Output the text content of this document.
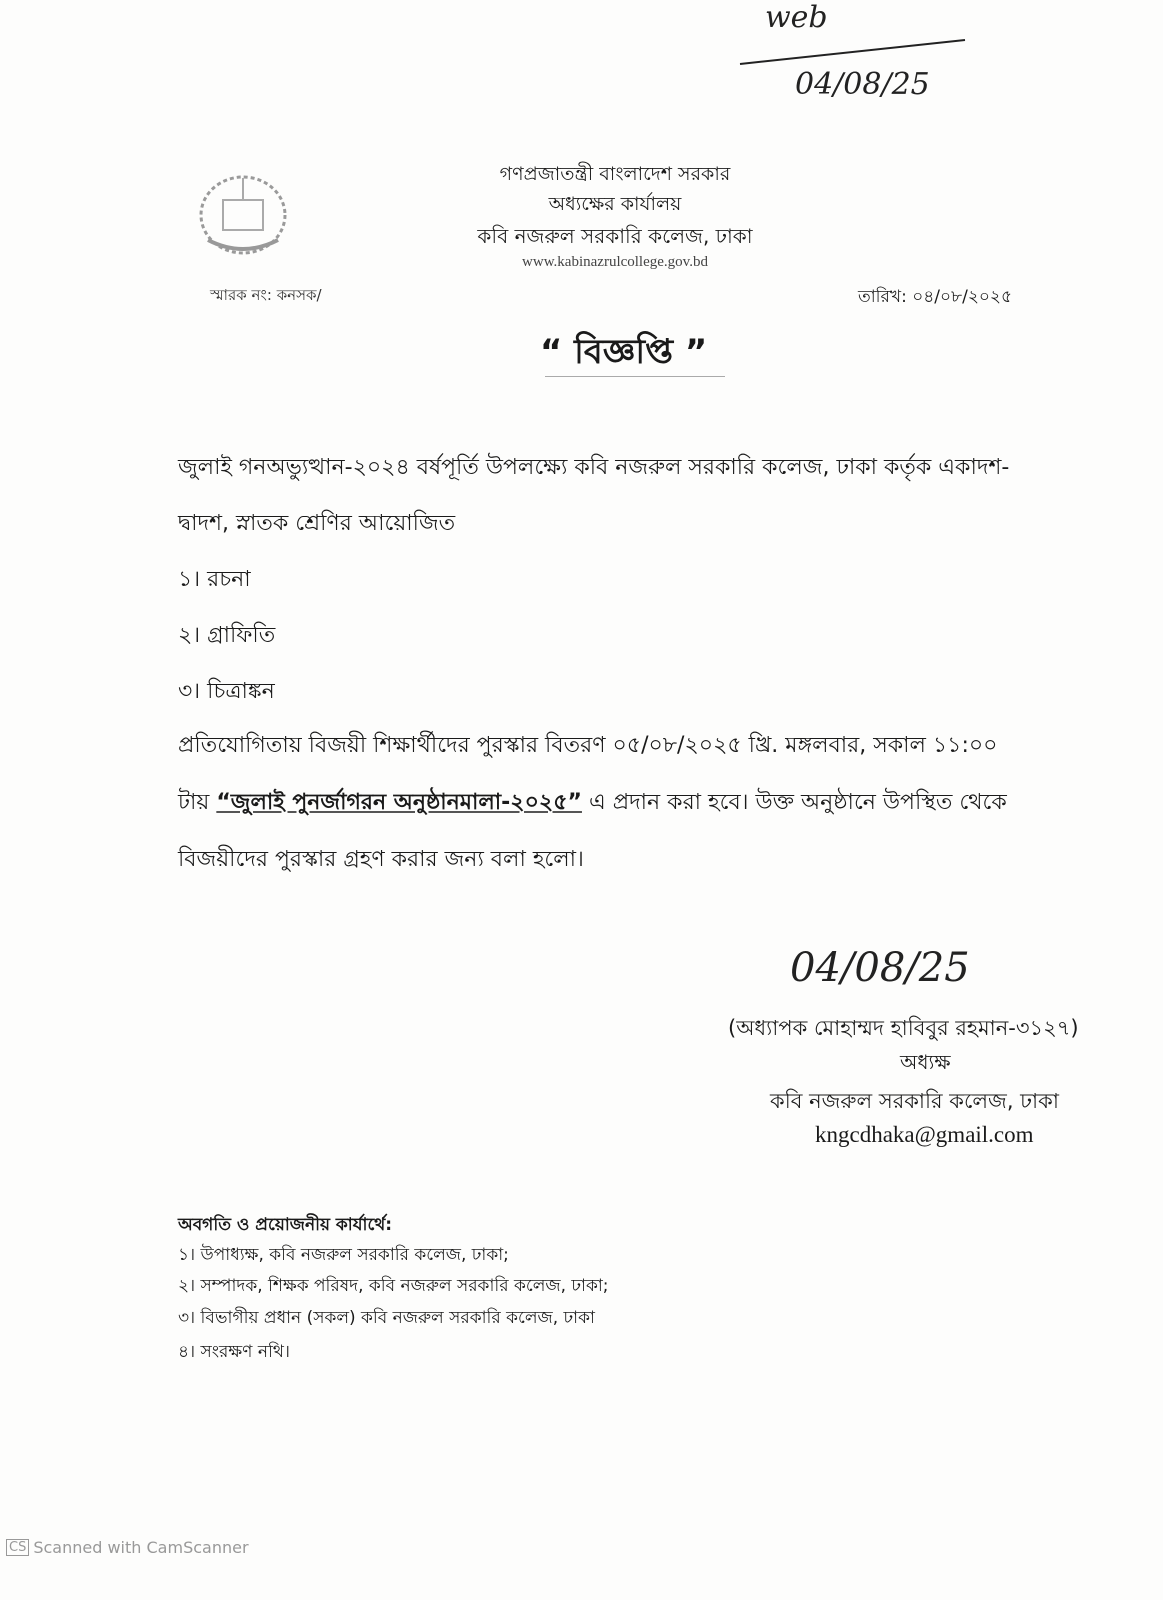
web
04/08/25
গণপ্রজাতন্ত্রী বাংলাদেশ সরকার
অধ্যক্ষের কার্যালয়
কবি নজরুল সরকারি কলেজ, ঢাকা
www.kabinazrulcollege.gov.bd
স্মারক নং: কনসক/	তারিখ: ০৪/০৮/২০২৫
“ বিজ্ঞপ্তি ”
জুলাই গনঅভ্যুত্থান-২০২৪ বর্ষপূর্তি উপলক্ষ্যে কবি নজরুল সরকারি কলেজ, ঢাকা কর্তৃক একাদশ-
দ্বাদশ, স্নাতক শ্রেণির আয়োজিত
১। রচনা
২। গ্রাফিতি
৩। চিত্রাঙ্কন
প্রতিযোগিতায় বিজয়ী শিক্ষার্থীদের পুরস্কার বিতরণ ০৫/০৮/২০২৫ খ্রি. মঙ্গলবার, সকাল ১১:০০
টায় “জুলাই পুনর্জাগরন অনুষ্ঠানমালা-২০২৫” এ প্রদান করা হবে। উক্ত অনুষ্ঠানে উপস্থিত থেকে
বিজয়ীদের পুরস্কার গ্রহণ করার জন্য বলা হলো।
04/08/25
(অধ্যাপক মোহাম্মদ হাবিবুর রহমান-৩১২৭)
অধ্যক্ষ
কবি নজরুল সরকারি কলেজ, ঢাকা
kngcdhaka@gmail.com
অবগতি ও প্রয়োজনীয় কার্যার্থে:
১। উপাধ্যক্ষ, কবি নজরুল সরকারি কলেজ, ঢাকা;
২। সম্পাদক, শিক্ষক পরিষদ, কবি নজরুল সরকারি কলেজ, ঢাকা;
৩। বিভাগীয় প্রধান (সকল) কবি নজরুল সরকারি কলেজ, ঢাকা
৪। সংরক্ষণ নথি।
CS Scanned with CamScanner
